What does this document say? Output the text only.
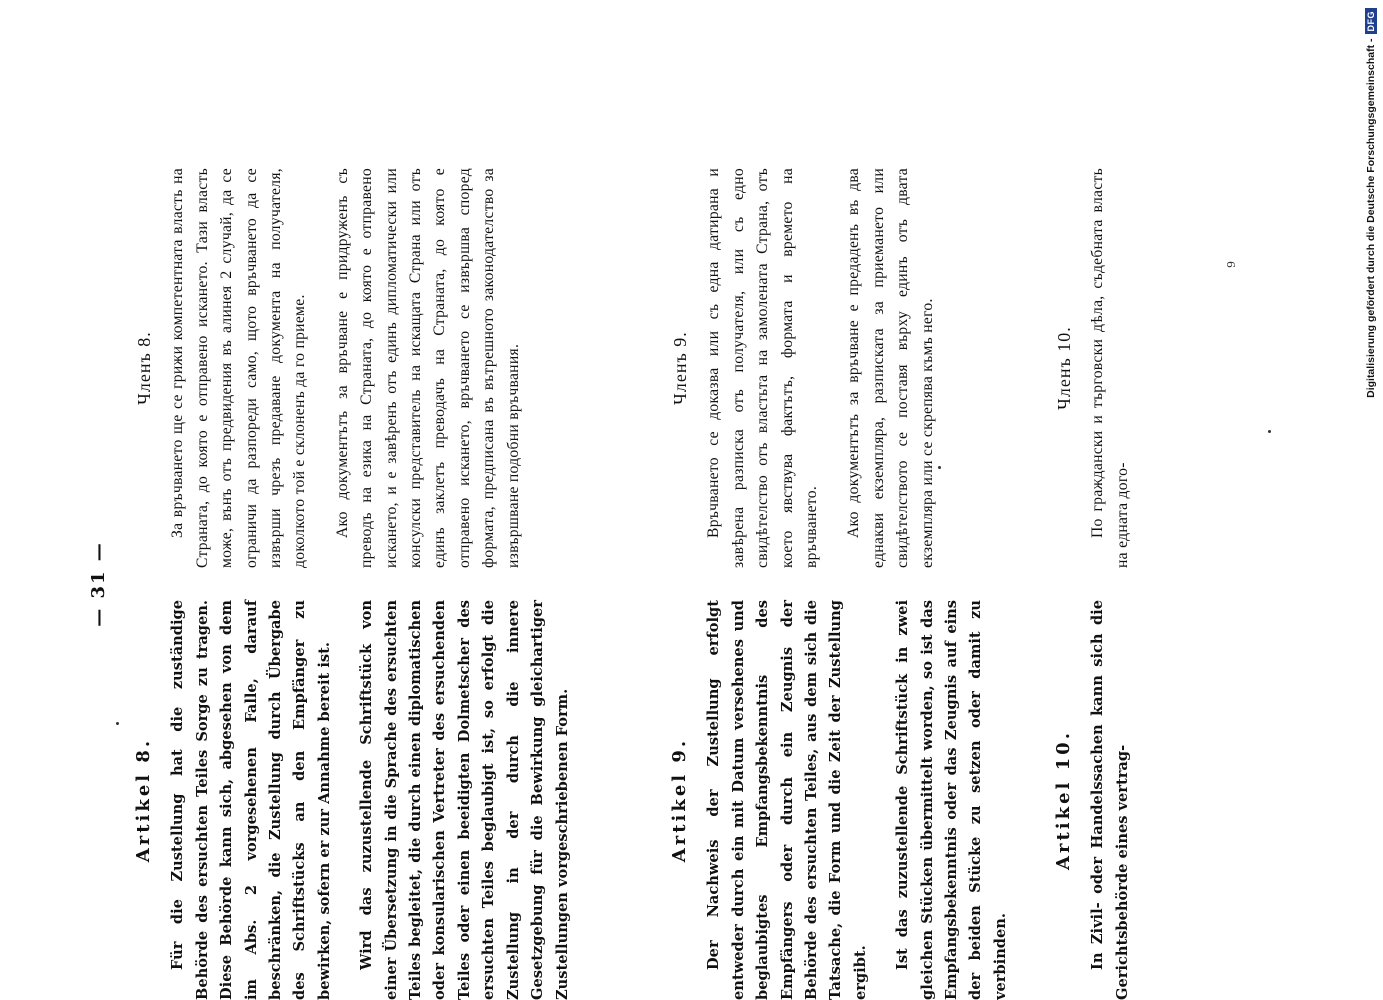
— 31 —
Artikel 8. Für die Zustellung hat die zuständige Behörde des ersuchten Teiles Sorge zu tragen. Diese Behörde kann sich, abgesehen von dem im Abs. 2 vorgesehenen Falle, darauf beschränken, die Zustellung durch Übergabe des Schriftstücks an den Empfänger zu bewirken, sofern er zur Annahme bereit ist.	Wird das zuzustellende Schriftstück von einer Übersetzung in die Sprache des ersuchten Teiles begleitet, die durch einen diplomatischen oder konsularischen Vertreter des ersuchenden Teiles oder einen beeidigten Dolmetscher des ersuchten Teiles beglaubigt ist, so erfolgt die Zustellung in der durch die innere Gesetzgebung für die Bewirkung gleichartiger Zustellungen vorgeschriebenen Form.

Членъ 8. За връчването ще се грижи компетентната власть на Страната, до която е отправено искането. Тази власть може, вънъ отъ предвидения въ алинея 2 случай, да се ограничи да разпореди само, щото връчването да се извърши чрезъ предаване документа на получателя, доколкото той е склоненъ да го приеме. Ако документътъ за връчване е придруженъ съ преводъ на езика на Страната, до която е отправено искането, и е завѣренъ отъ единъ дипломатически или консулски представитель на искащата Страна или отъ единъ заклетъ преводачъ на Страната, до която е отправено искането, връчването се извършва според формата, предписана въ вътрешното законодателство за извършване подобни връчвания.

Artikel 9. Der Nachweis der Zustellung erfolgt entweder durch ein mit Datum versehenes und beglaubigtes Empfangsbekenntnis des Empfängers oder durch ein Zeugnis der Behörde des ersuchten Teiles, aus dem sich die Tatsache, die Form und die Zeit der Zustellung ergibt.

Ist das zuzustellende Schriftstück in zwei gleichen Stücken übermittelt worden, so ist das Empfangsbekenntnis oder das Zeugnis auf eins der beiden Stücke zu setzen oder damit zu verbinden.

Членъ 9. Връчването се доказва или съ една датирана и завѣрена разписка отъ получателя, или съ едно свидѣтелство отъ властьта на замолената Страна, отъ което явствува фактътъ, формата и времето на връчването. Ако документътъ за връчване е предаденъ въ два еднакви екземпляра, разписката за приемането или свидѣтелството се поставя върху единъ отъ двата екземпляра или се скрепява къмъ него.

Artikel 10. In Zivil- oder Handelssachen kann sich die Gerichtsbehörde eines vertrag-

Членъ 10. По граждански и търговски дѣла, съдебната власть на едната дого-

9	Digitalisierung gefördert durch die Deutsche Forschungsgemeinschaft -
DFG
